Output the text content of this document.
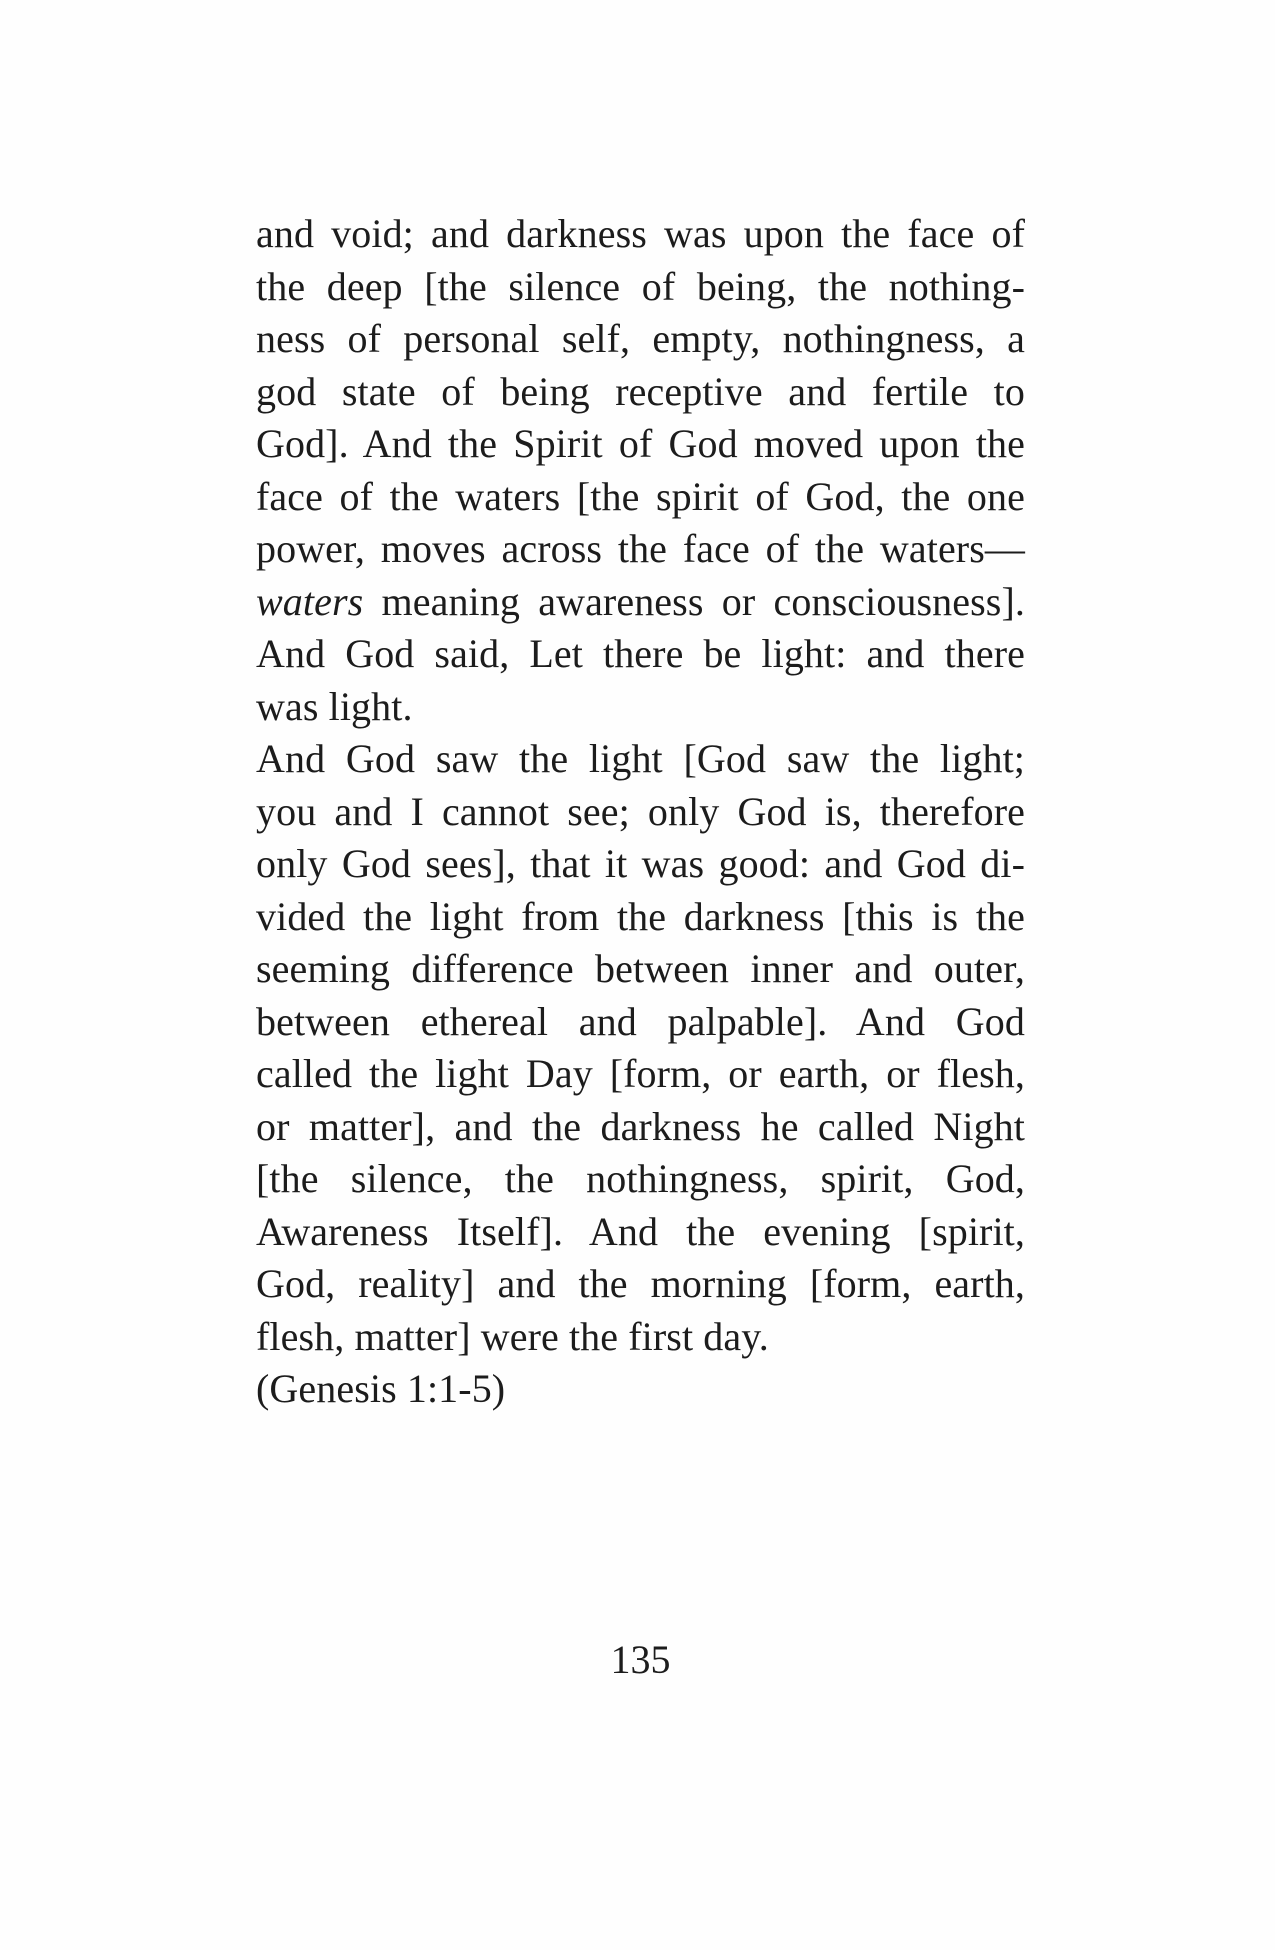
and void; and darkness was upon the face of
the deep [the silence of being, the nothing-
ness of personal self, empty, nothingness, a
god state of being receptive and fertile to
God]. And the Spirit of God moved upon the
face of the waters [the spirit of God, the one
power, moves across the face of the waters—
waters meaning awareness or consciousness].
And God said, Let there be light: and there
was light.
And God saw the light [God saw the light;
you and I cannot see; only God is, therefore
only God sees], that it was good: and God di-
vided the light from the darkness [this is the
seeming difference between inner and outer,
between ethereal and palpable]. And God
called the light Day [form, or earth, or flesh,
or matter], and the darkness he called Night
[the silence, the nothingness, spirit, God,
Awareness Itself]. And the evening [spirit,
God, reality] and the morning [form, earth,
flesh, matter] were the first day.
(Genesis 1:1-5)
135
